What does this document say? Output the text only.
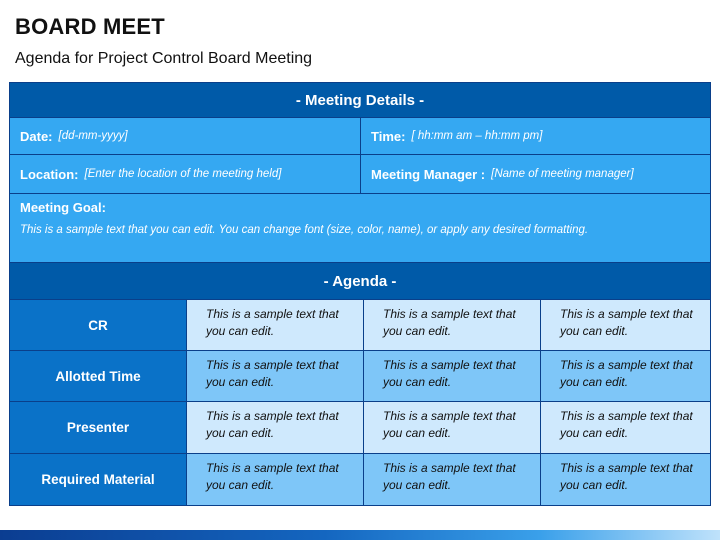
BOARD MEET
Agenda for Project Control Board Meeting
- Meeting Details -
Date: [dd-mm-yyyy]	Time: [ hh:mm am – hh:mm pm]
Location: [Enter the location of the meeting held]	Meeting Manager : [Name of meeting manager]
Meeting Goal:
This is a sample text that you can edit. You can change font (size, color, name), or apply any desired formatting.
- Agenda -
CR
This is a sample text that you can edit.
This is a sample text that you can edit.
This is a sample text that you can edit.
Allotted Time
This is a sample text that you can edit.
This is a sample text that you can edit.
This is a sample text that you can edit.
Presenter
This is a sample text that you can edit.
This is a sample text that you can edit.
This is a sample text that you can edit.
Required Material
This is a sample text that you can edit.
This is a sample text that you can edit.
This is a sample text that you can edit.
